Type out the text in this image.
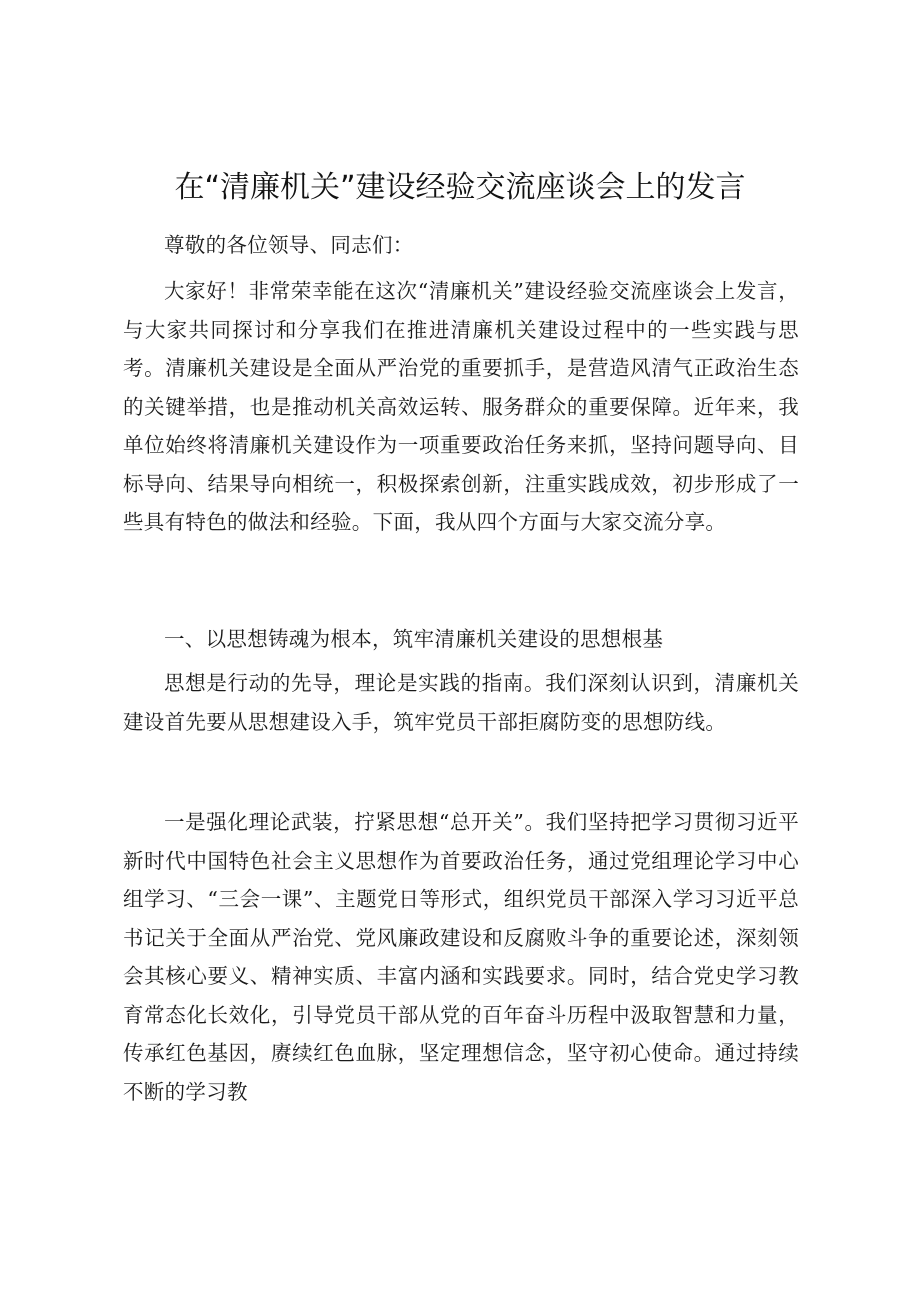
在“清廉机关”建设经验交流座谈会上的发言

尊敬的各位领导、同志们：

大家好！非常荣幸能在这次“清廉机关”建设经验交流座谈会上发言，与大家共同探讨和分享我们在推进清廉机关建设过程中的一些实践与思考。清廉机关建设是全面从严治党的重要抓手，是营造风清气正政治生态的关键举措，也是推动机关高效运转、服务群众的重要保障。近年来，我单位始终将清廉机关建设作为一项重要政治任务来抓，坚持问题导向、目标导向、结果导向相统一，积极探索创新，注重实践成效，初步形成了一些具有特色的做法和经验。下面，我从四个方面与大家交流分享。

一、以思想铸魂为根本，筑牢清廉机关建设的思想根基

思想是行动的先导，理论是实践的指南。我们深刻认识到，清廉机关建设首先要从思想建设入手，筑牢党员干部拒腐防变的思想防线。

一是强化理论武装，拧紧思想“总开关”。我们坚持把学习贯彻习近平新时代中国特色社会主义思想作为首要政治任务，通过党组理论学习中心组学习、“三会一课”、主题党日等形式，组织党员干部深入学习习近平总书记关于全面从严治党、党风廉政建设和反腐败斗争的重要论述，深刻领会其核心要义、精神实质、丰富内涵和实践要求。同时，结合党史学习教育常态化长效化，引导党员干部从党的百年奋斗历程中汲取智慧和力量，传承红色基因，赓续红色血脉，坚定理想信念，坚守初心使命。通过持续不断的学习教
